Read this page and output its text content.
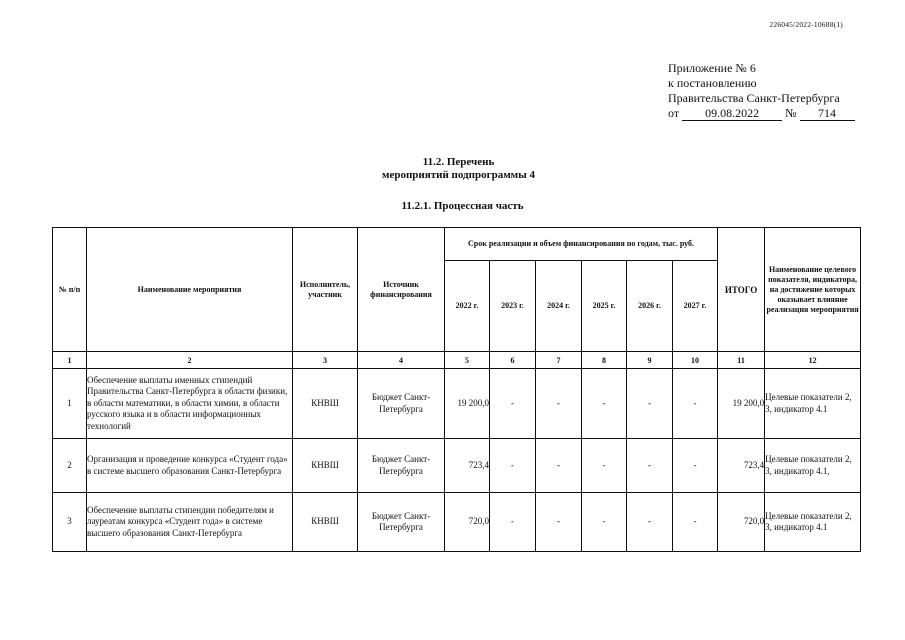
226045/2022-10688(1)
Приложение № 6
к постановлению
Правительства Санкт-Петербурга
от 09.08.2022 № 714
11.2. Перечень
мероприятий подпрограммы 4
11.2.1. Процессная часть
№ п/п	Наименование мероприятия	Исполнитель, участник	Источник финансирования	Срок реализации и объем финансирования по годам, тыс. руб.						ИТОГО	Наименование целевого показателя, индикатора, на достижение которых оказывает влияние реализация мероприятия
				2022 г.	2023 г.	2024 г.	2025 г.	2026 г.	2027 г.		
1	2	3	4	5	6	7	8	9	10	11	12
1	Обеспечение выплаты именных стипендий Правительства Санкт-Петербурга в области физики, в области математики, в области химии, в области русского языка и в области информационных технологий	КНВШ	Бюджет Санкт-Петербурга	19 200,0	-	-	-	-	-	19 200,0	Целевые показатели 2, 3, индикатор 4.1
2	Организация и проведение конкурса «Студент года» в системе высшего образования Санкт-Петербурга	КНВШ	Бюджет Санкт-Петербурга	723,4	-	-	-	-	-	723,4	Целевые показатели 2, 3, индикатор 4.1,
3	Обеспечение выплаты стипендии победителям и лауреатам конкурса «Студент года» в системе высшего образования Санкт-Петербурга	КНВШ	Бюджет Санкт-Петербурга	720,0	-	-	-	-	-	720,0	Целевые показатели 2, 3, индикатор 4.1
